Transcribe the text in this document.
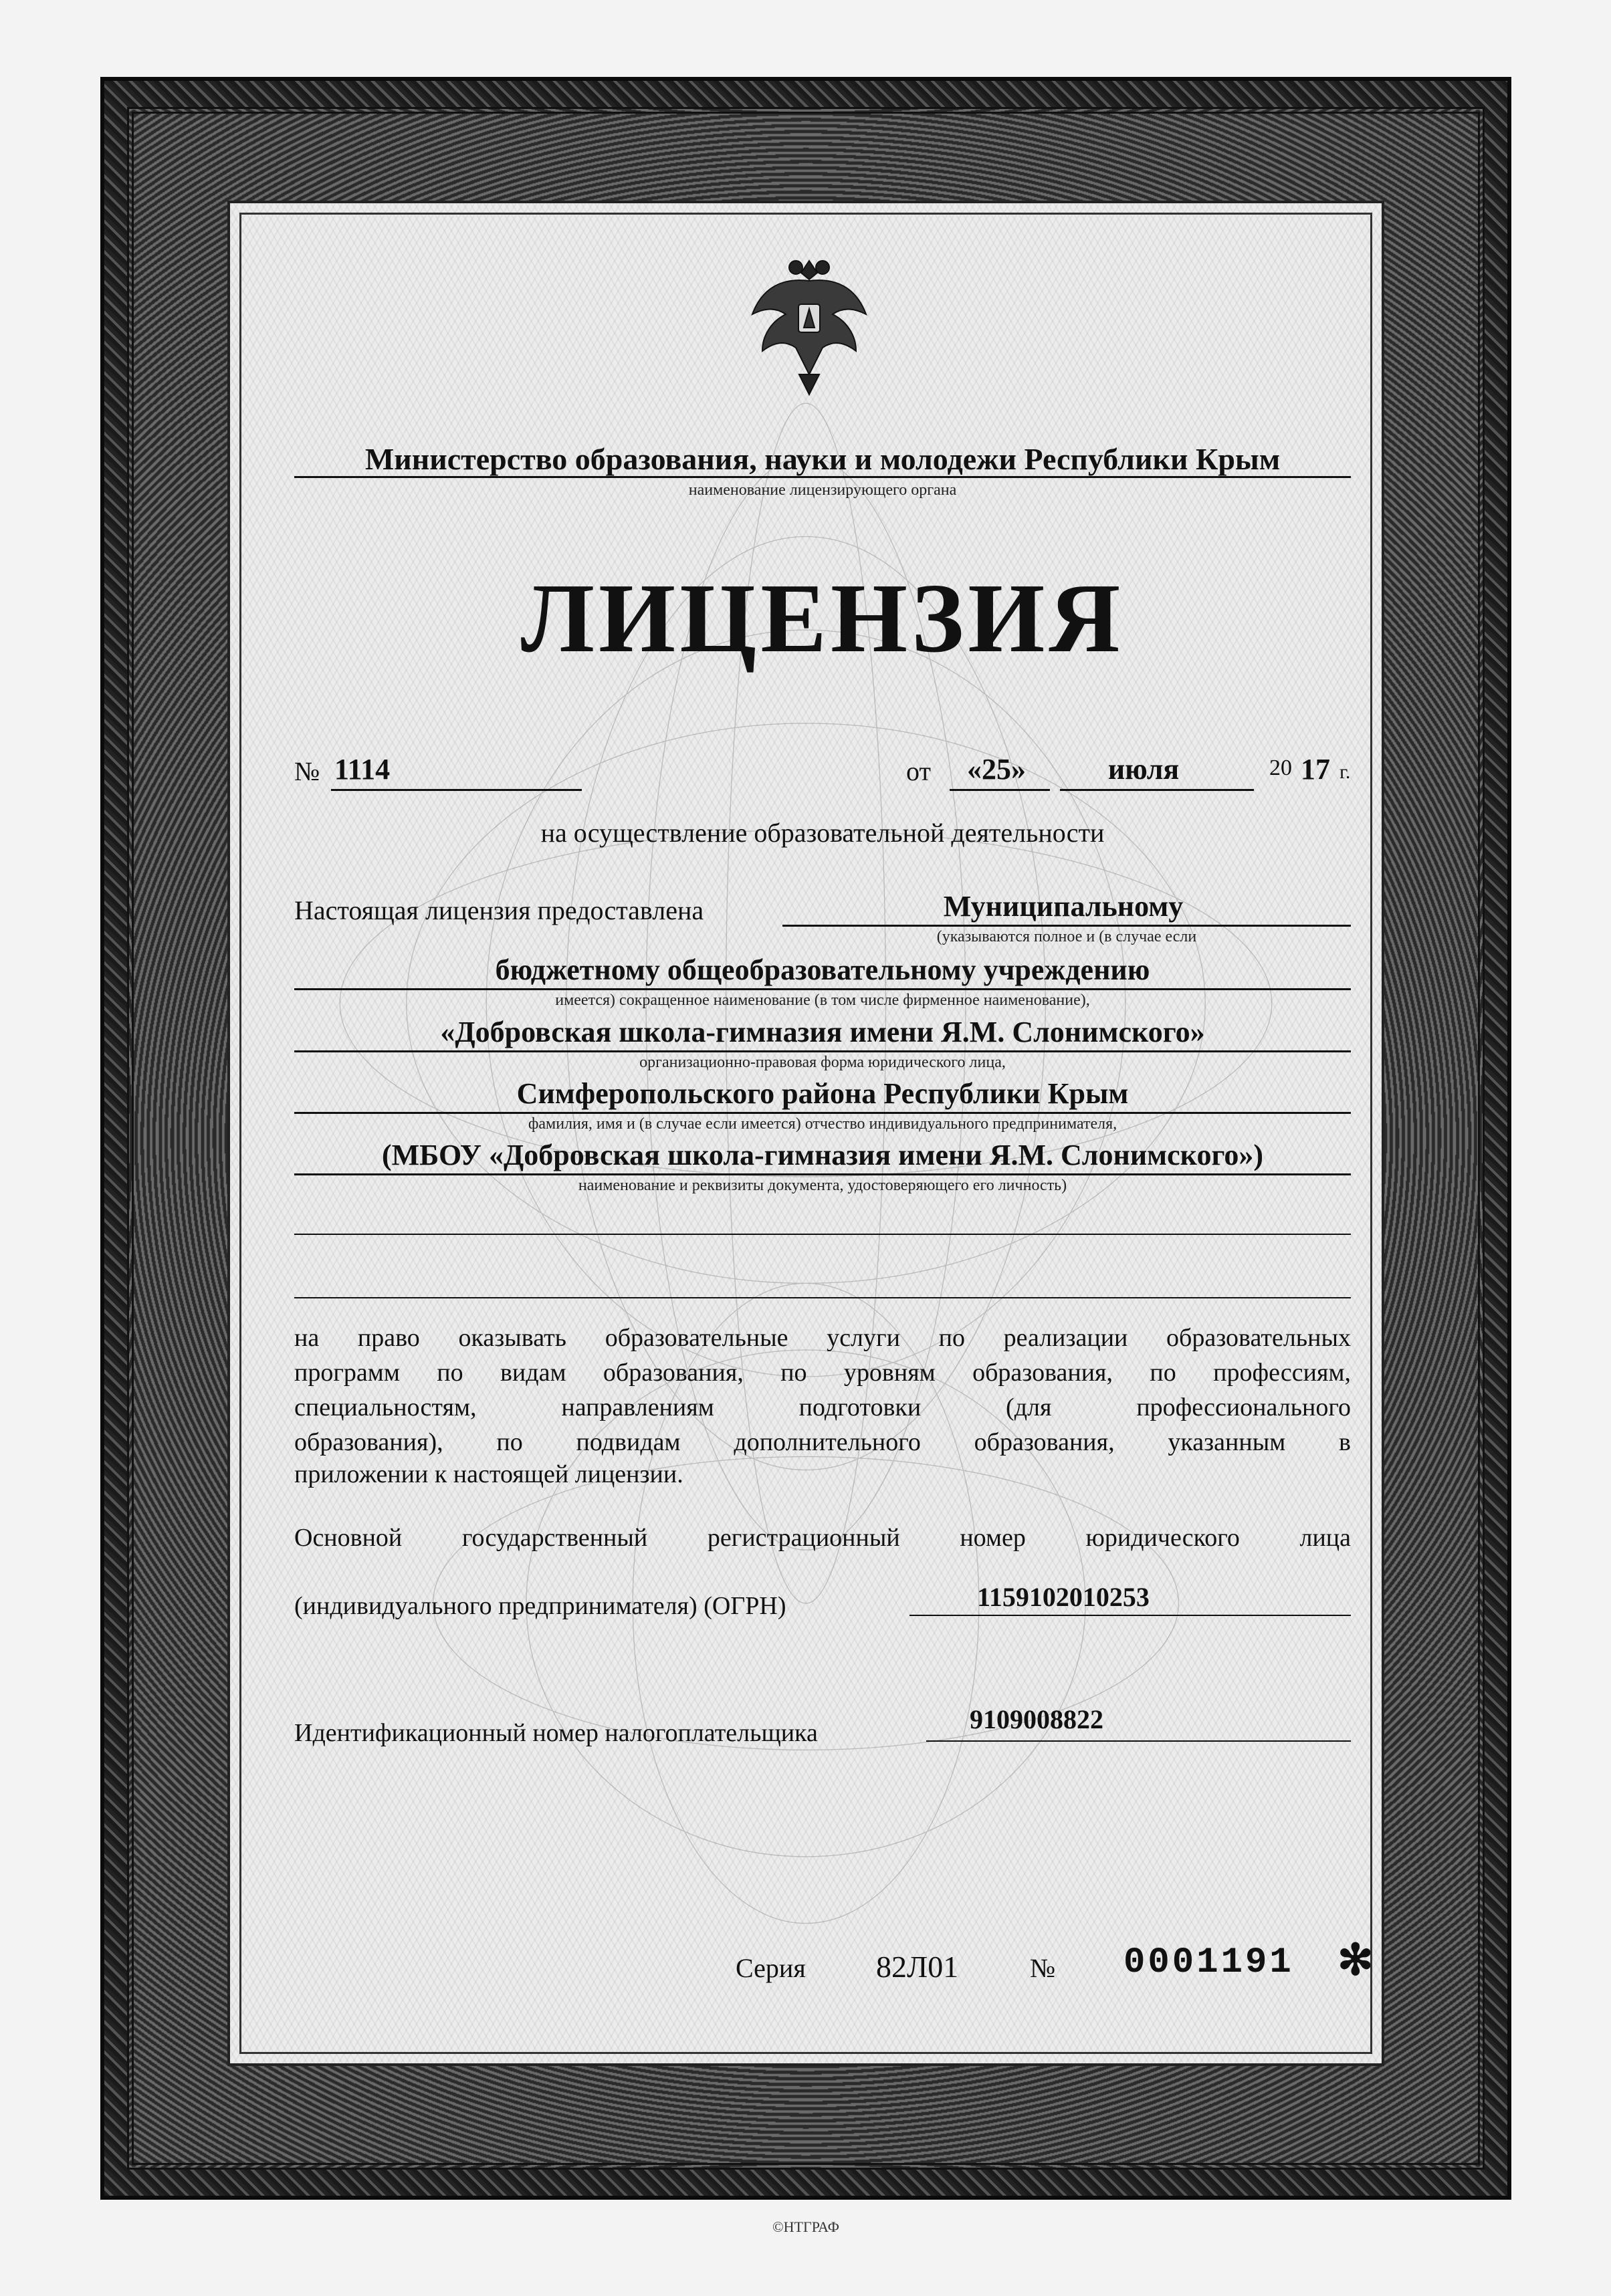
Министерство образования, науки и молодежи Республики Крым
наименование лицензирующего органа
ЛИЦЕНЗИЯ
№ 1114	от	«25»	июля	20 17 г.
на осуществление образовательной деятельности
Настоящая лицензия предоставлена	Муниципальному
(указываются полное и (в случае если
бюджетному общеобразовательному учреждению
имеется) сокращенное наименование (в том числе фирменное наименование),
«Добровская школа-гимназия имени Я.М. Слонимского»
организационно-правовая форма юридического лица,
Симферопольского района Республики Крым
фамилия, имя и (в случае если имеется) отчество индивидуального предпринимателя,
(МБОУ «Добровская школа-гимназия имени Я.М. Слонимского»)
наименование и реквизиты документа, удостоверяющего его личность)
на право оказывать образовательные услуги по реализации образовательных
программ по видам образования, по уровням образования, по профессиям,
специальностям, направлениям подготовки (для профессионального
образования), по подвидам дополнительного образования, указанным в
приложении к настоящей лицензии.
Основной государственный регистрационный номер юридического лица
(индивидуального предпринимателя) (ОГРН)	1159102010253
Идентификационный номер налогоплательщика	9109008822
Серия 82Л01	№ 0001191 ✻
©НТГРАФ
